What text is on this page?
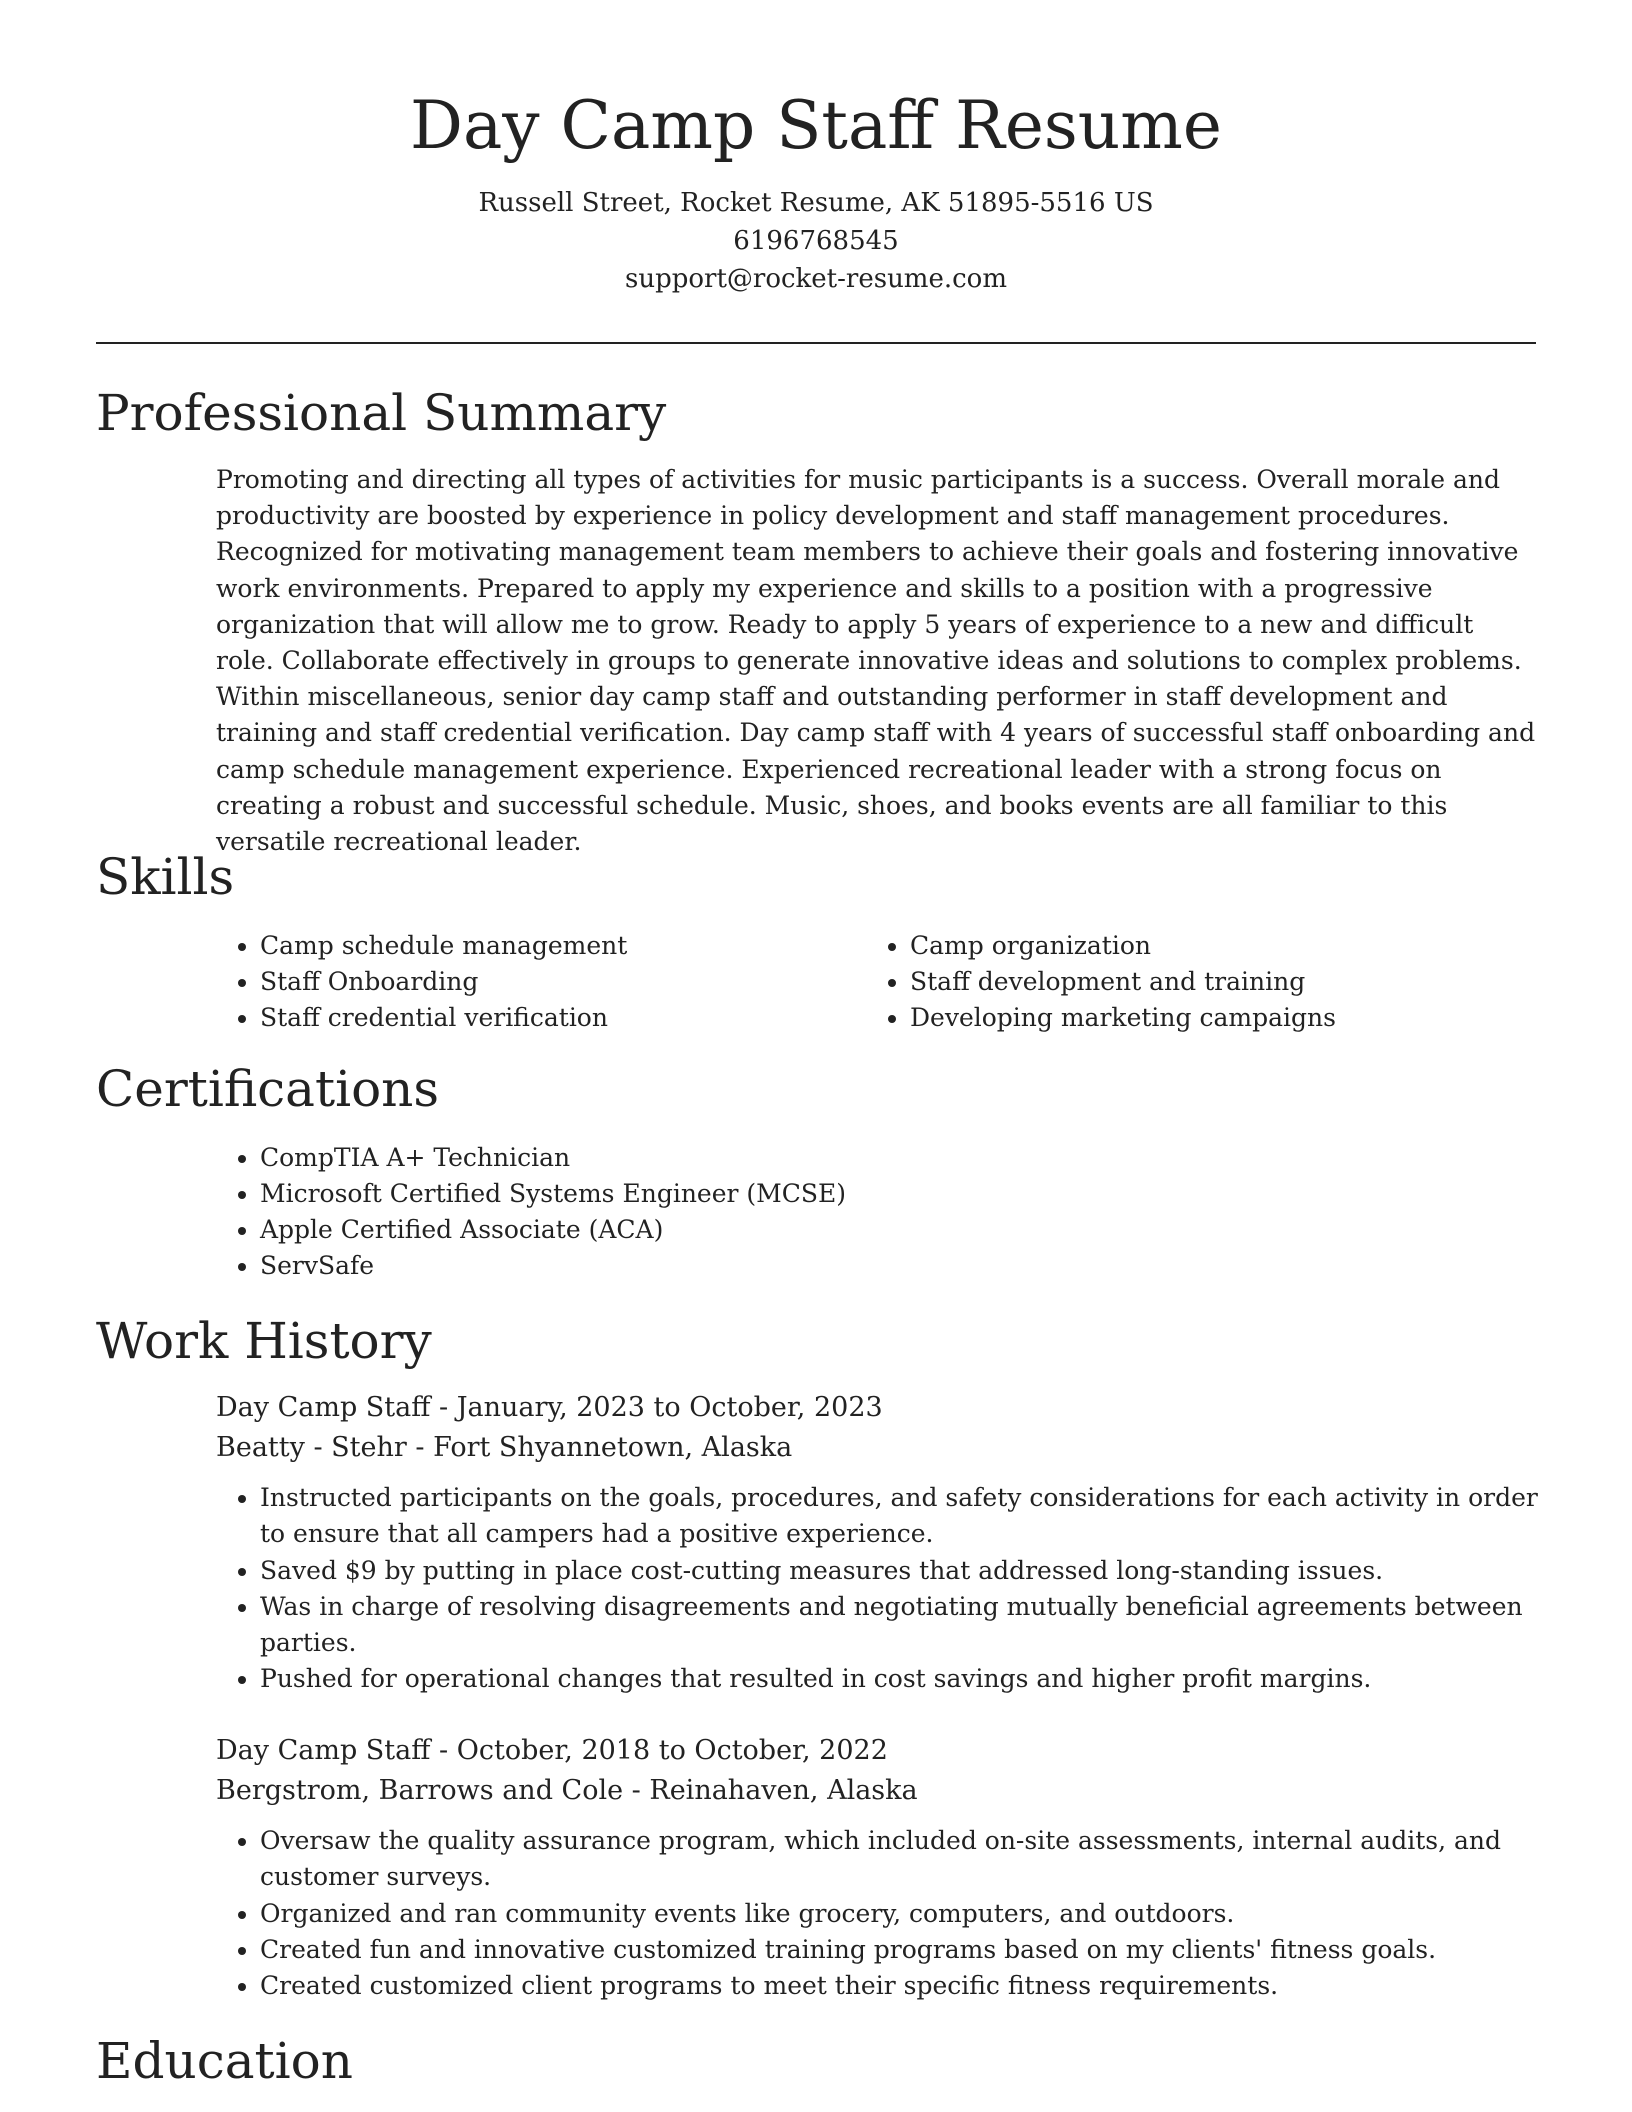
Day Camp Staff Resume
Russell Street, Rocket Resume, AK 51895-5516 US
6196768545
support@rocket-resume.com
Professional Summary

Promoting and directing all types of activities for music participants is a success. Overall morale and productivity are boosted by experience in policy development and staff management procedures. Recognized for motivating management team members to achieve their goals and fostering innovative work environments. Prepared to apply my experience and skills to a position with a progressive organization that will allow me to grow. Ready to apply 5 years of experience to a new and difficult role. Collaborate effectively in groups to generate innovative ideas and solutions to complex problems. Within miscellaneous, senior day camp staff and outstanding performer in staff development and training and staff credential verification. Day camp staff with 4 years of successful staff onboarding and camp schedule management experience. Experienced recreational leader with a strong focus on creating a robust and successful schedule. Music, shoes, and books events are all familiar to this versatile recreational leader.

Skills
• Camp schedule management
• Staff Onboarding
• Staff credential verification
• Camp organization
• Staff development and training
• Developing marketing campaigns
Certifications
• CompTIA A+ Technician
• Microsoft Certified Systems Engineer (MCSE)
• Apple Certified Associate (ACA)
• ServSafe
Work History
Day Camp Staff - January, 2023 to October, 2023
Beatty - Stehr - Fort Shyannetown, Alaska
• Instructed participants on the goals, procedures, and safety considerations for each activity in order to ensure that all campers had a positive experience.
• Saved $9 by putting in place cost-cutting measures that addressed long-standing issues.
• Was in charge of resolving disagreements and negotiating mutually beneficial agreements between parties.
• Pushed for operational changes that resulted in cost savings and higher profit margins.
Day Camp Staff - October, 2018 to October, 2022
Bergstrom, Barrows and Cole - Reinahaven, Alaska
• Oversaw the quality assurance program, which included on-site assessments, internal audits, and customer surveys.
• Organized and ran community events like grocery, computers, and outdoors.
• Created fun and innovative customized training programs based on my clients' fitness goals.
• Created customized client programs to meet their specific fitness requirements.
Education
